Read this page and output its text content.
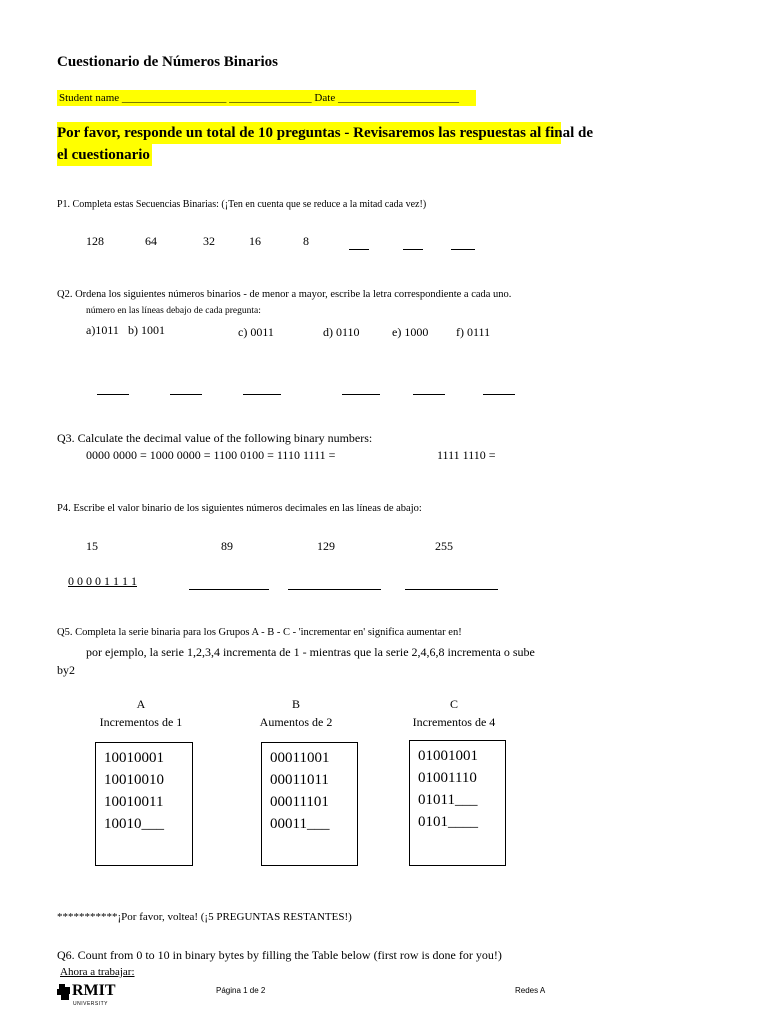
Cuestionario de Números Binarios
Student name ___________________ _______________ Date ______________________
Por favor, responde un total de 10 preguntas - Revisaremos las respuestas al final de
el cuestionario
P1. Completa estas Secuencias Binarias: (¡Ten en cuenta que se reduce a la mitad cada vez!)
128	64	32	16	8
Q2. Ordena los siguientes números binarios - de menor a mayor, escribe la letra correspondiente a cada uno.
número en las líneas debajo de cada pregunta:
a)1011 b) 1001	c) 0011	d) 0110	e) 1000 f) 0111
Q3. Calculate the decimal value of the following binary numbers:
0000 0000 = 1000 0000 = 1100 0100 = 1110 1111 =	1111 1110 =
P4. Escribe el valor binario de los siguientes números decimales en las líneas de abajo:
15	89	129	255
0 0 0 0 1 1 1 1
Q5. Completa la serie binaria para los Grupos A - B - C - 'incrementar en' significa aumentar en!
por ejemplo, la serie 1,2,3,4 incrementa de 1 - mientras que la serie 2,4,6,8 incrementa o sube
by2
A
Incrementos de 1
B
Aumentos de 2
C
Incrementos de 4
10010001
10010010
10010011
10010___
00011001
00011011
00011101
00011___
01001001
01001110
01011___
0101____
***********¡Por favor, voltea! (¡5 PREGUNTAS RESTANTES!)
Q6. Count from 0 to 10 in binary bytes by filling the Table below (first row is done for you!)
Ahora a trabajar:
RMIT
UNIVERSITY
Página 1 de 2	Redes A
